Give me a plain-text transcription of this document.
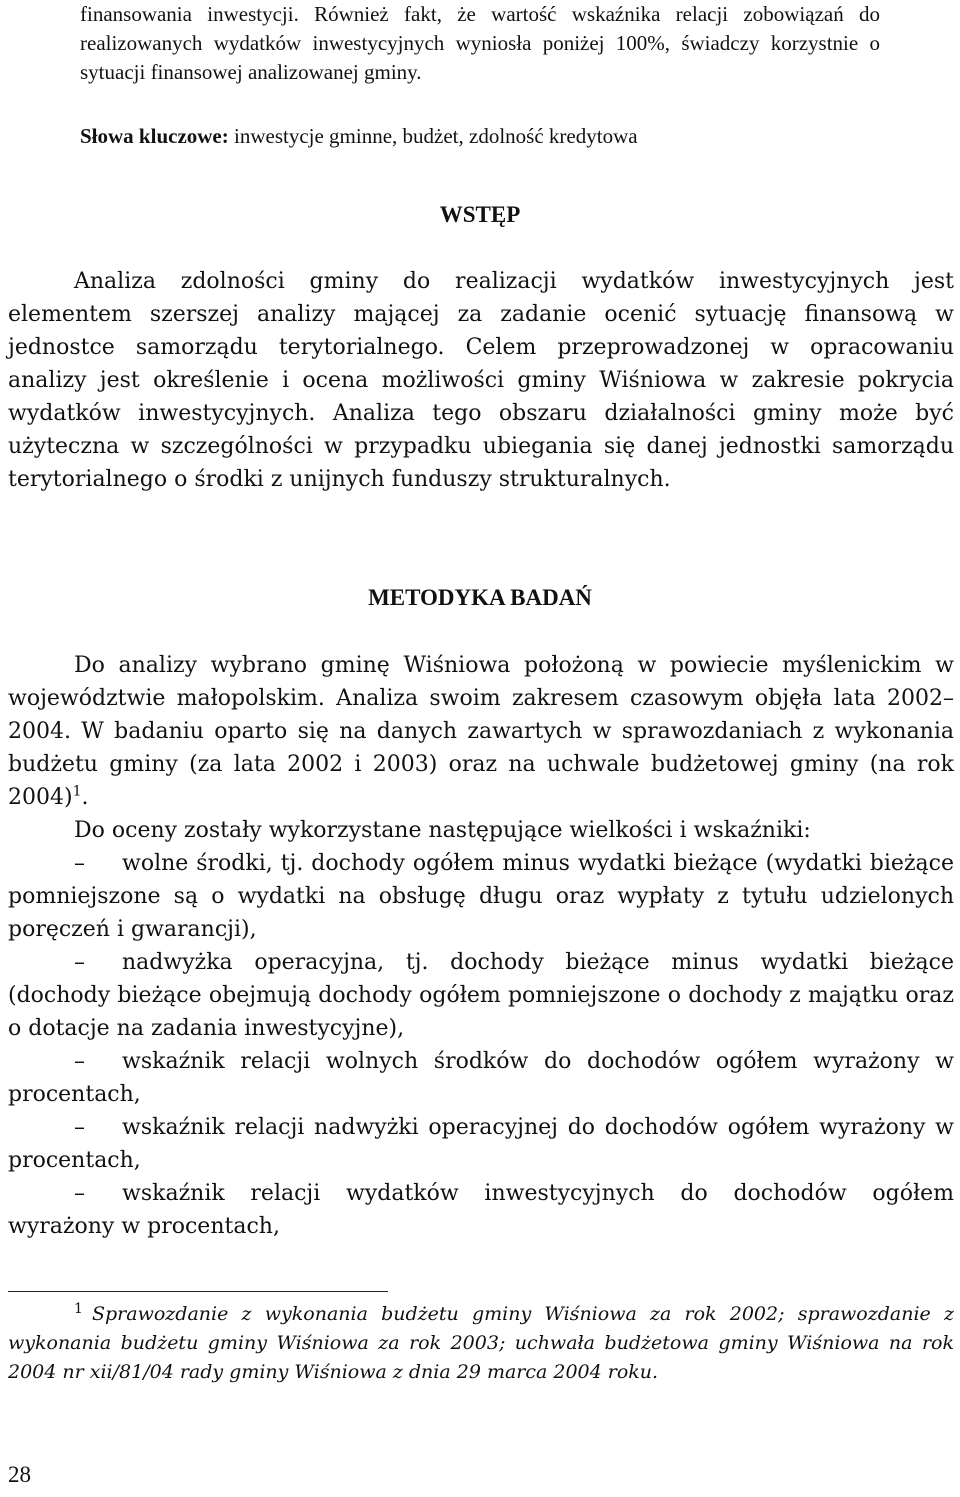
finansowania inwestycji. Również fakt, że wartość wskaźnika relacji zobowiązań do realizowanych wydatków inwestycyjnych wyniosła poniżej 100%, świadczy korzystnie o sytuacji finansowej analizowanej gminy.

Słowa kluczowe: inwestycje gminne, budżet, zdolność kredytowa

WSTĘP

Analiza zdolności gminy do realizacji wydatków inwestycyjnych jest elementem szerszej analizy mającej za zadanie ocenić sytuację finansową w jednostce samorządu terytorialnego. Celem przeprowadzonej w opracowaniu analizy jest określenie i ocena możliwości gminy Wiśniowa w zakresie pokrycia wydatków inwestycyjnych. Analiza tego obszaru działalności gminy może być użyteczna w szczególności w przypadku ubiegania się danej jednostki samorządu terytorialnego o środki z unijnych funduszy strukturalnych.

METODYKA BADAŃ

Do analizy wybrano gminę Wiśniowa położoną w powiecie myślenickim w województwie małopolskim. Analiza swoim zakresem czasowym objęła lata 2002–2004. W badaniu oparto się na danych zawartych w sprawozdaniach z wykonania budżetu gminy (za lata 2002 i 2003) oraz na uchwale budżetowej gminy (na rok 2004)$^1$.

Do oceny zostały wykorzystane następujące wielkości i wskaźniki:

– wolne środki, tj. dochody ogółem minus wydatki bieżące (wydatki bieżące pomniejszone są o wydatki na obsługę długu oraz wypłaty z tytułu udzielonych poręczeń i gwarancji),

– nadwyżka operacyjna, tj. dochody bieżące minus wydatki bieżące (dochody bieżące obejmują dochody ogółem pomniejszone o dochody z majątku oraz o dotacje na zadania inwestycyjne),

– wskaźnik relacji wolnych środków do dochodów ogółem wyrażony w procentach,

– wskaźnik relacji nadwyżki operacyjnej do dochodów ogółem wyrażony w procentach,

– wskaźnik relacji wydatków inwestycyjnych do dochodów ogółem wyrażony w procentach,

1 Sprawozdanie z wykonania budżetu gminy Wiśniowa za rok 2002; sprawozdanie z wykonania budżetu gminy Wiśniowa za rok 2003; uchwała budżetowa gminy Wiśniowa na rok 2004 nr xii/81/04 rady gminy Wiśniowa z dnia 29 marca 2004 roku.

28
